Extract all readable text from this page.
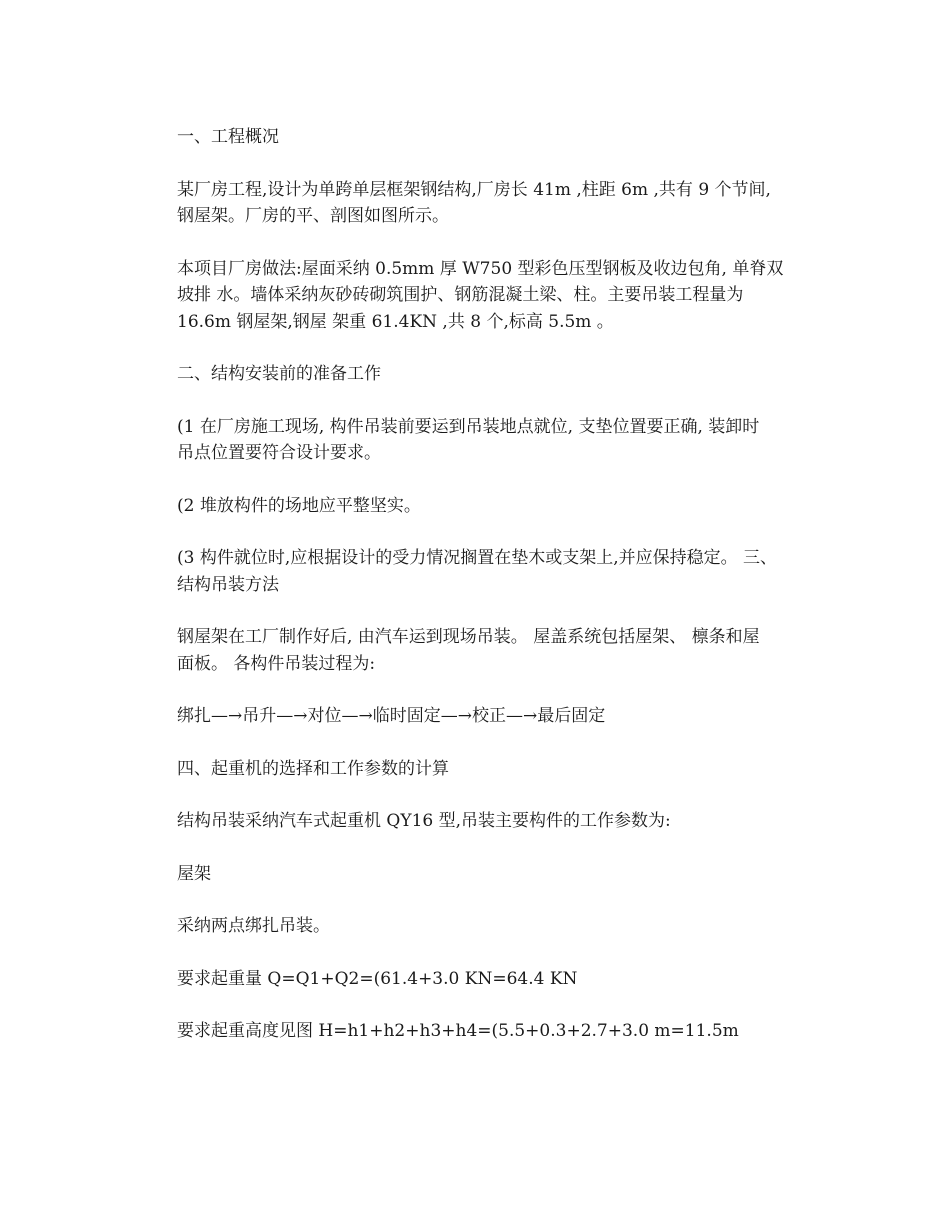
一、工程概况

某厂房工程,设计为单跨单层框架钢结构,厂房长 41m ,柱距 6m ,共有 9 个节间,
钢屋架。厂房的平、剖图如图所示。

本项目厂房做法:屋面采纳 0.5mm 厚 W750 型彩色压型钢板及收边包角, 单脊双
坡排 水。墙体采纳灰砂砖砌筑围护、钢筋混凝土梁、柱。主要吊装工程量为
16.6m 钢屋架,钢屋 架重 61.4KN ,共 8 个,标高 5.5m 。

二、结构安装前的准备工作

(1 在厂房施工现场, 构件吊装前要运到吊装地点就位, 支垫位置要正确, 装卸时
吊点位置要符合设计要求。

(2 堆放构件的场地应平整坚实。

(3 构件就位时,应根据设计的受力情况搁置在垫木或支架上,并应保持稳定。 三、
结构吊装方法

钢屋架在工厂制作好后, 由汽车运到现场吊装。 屋盖系统包括屋架、 檩条和屋
面板。 各构件吊装过程为:

绑扎—→吊升—→对位—→临时固定—→校正—→最后固定

四、起重机的选择和工作参数的计算

结构吊装采纳汽车式起重机 QY16 型,吊装主要构件的工作参数为:

屋架

采纳两点绑扎吊装。

要求起重量 Q=Q1+Q2=(61.4+3.0 KN=64.4 KN

要求起重高度见图 H=h1+h2+h3+h4=(5.5+0.3+2.7+3.0 m=11.5m
